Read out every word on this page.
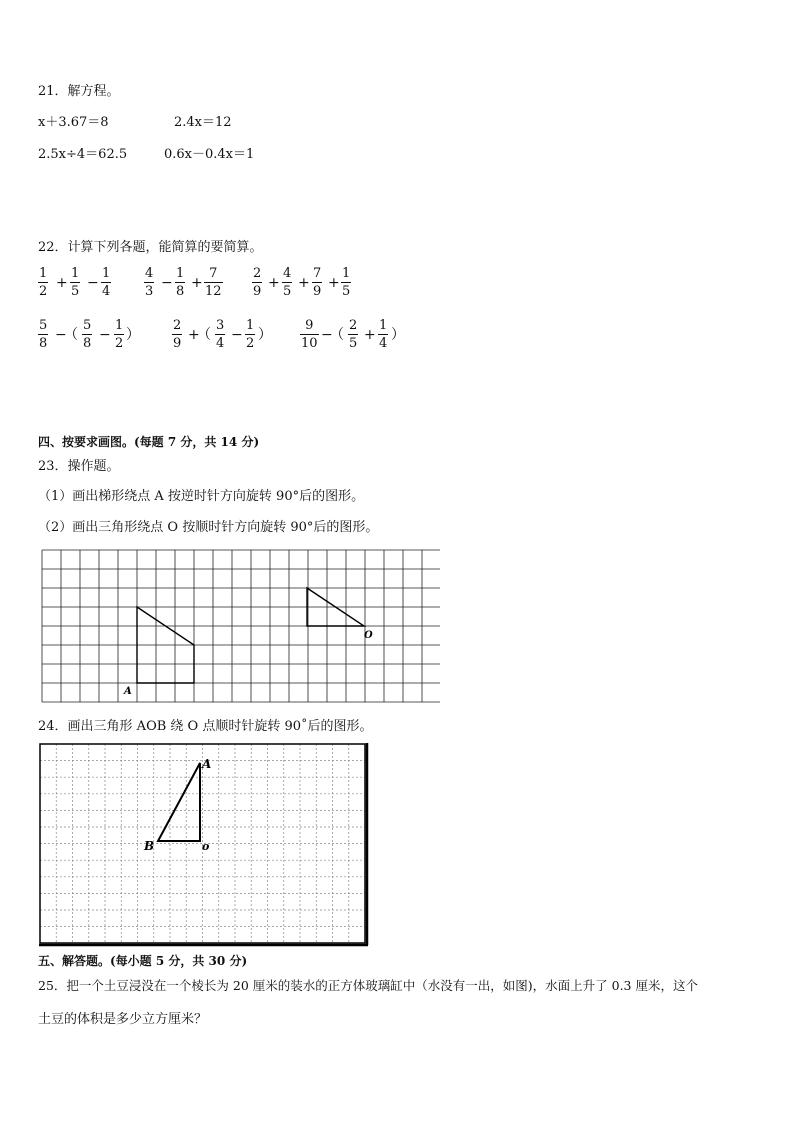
21．解方程。
x＋3.67＝8	2.4x＝12
2.5x÷4＝62.5	0.6x－0.4x＝1
22．计算下列各题，能简算的要简算。
1
2
+
1
5
−
1
4
4
3
−
1
8
+
7
12
2
9
+
4
5
+
7
9
+
1
5
5
8
−
（
5
8
−
1
2
）
2
9
+
（
3
4
−
1
2
）
9
10
−
（
2
5
+
1
4
）
四、按要求画图。(每题 7 分，共 14 分)
23．操作题。
（1）画出梯形绕点 A 按逆时针方向旋转 90°后的图形。
（2）画出三角形绕点 O 按顺时针方向旋转 90°后的图形。
A
O
24．画出三角形 AOB 绕 O 点顺时针旋转 90˚后的图形。
A
B	o
五、解答题。(每小题 5 分，共 30 分)
25．把一个土豆浸没在一个棱长为 20 厘米的装水的正方体玻璃缸中（水没有一出，如图)，水面上升了 0.3 厘米，这个
土豆的体积是多少立方厘米？
